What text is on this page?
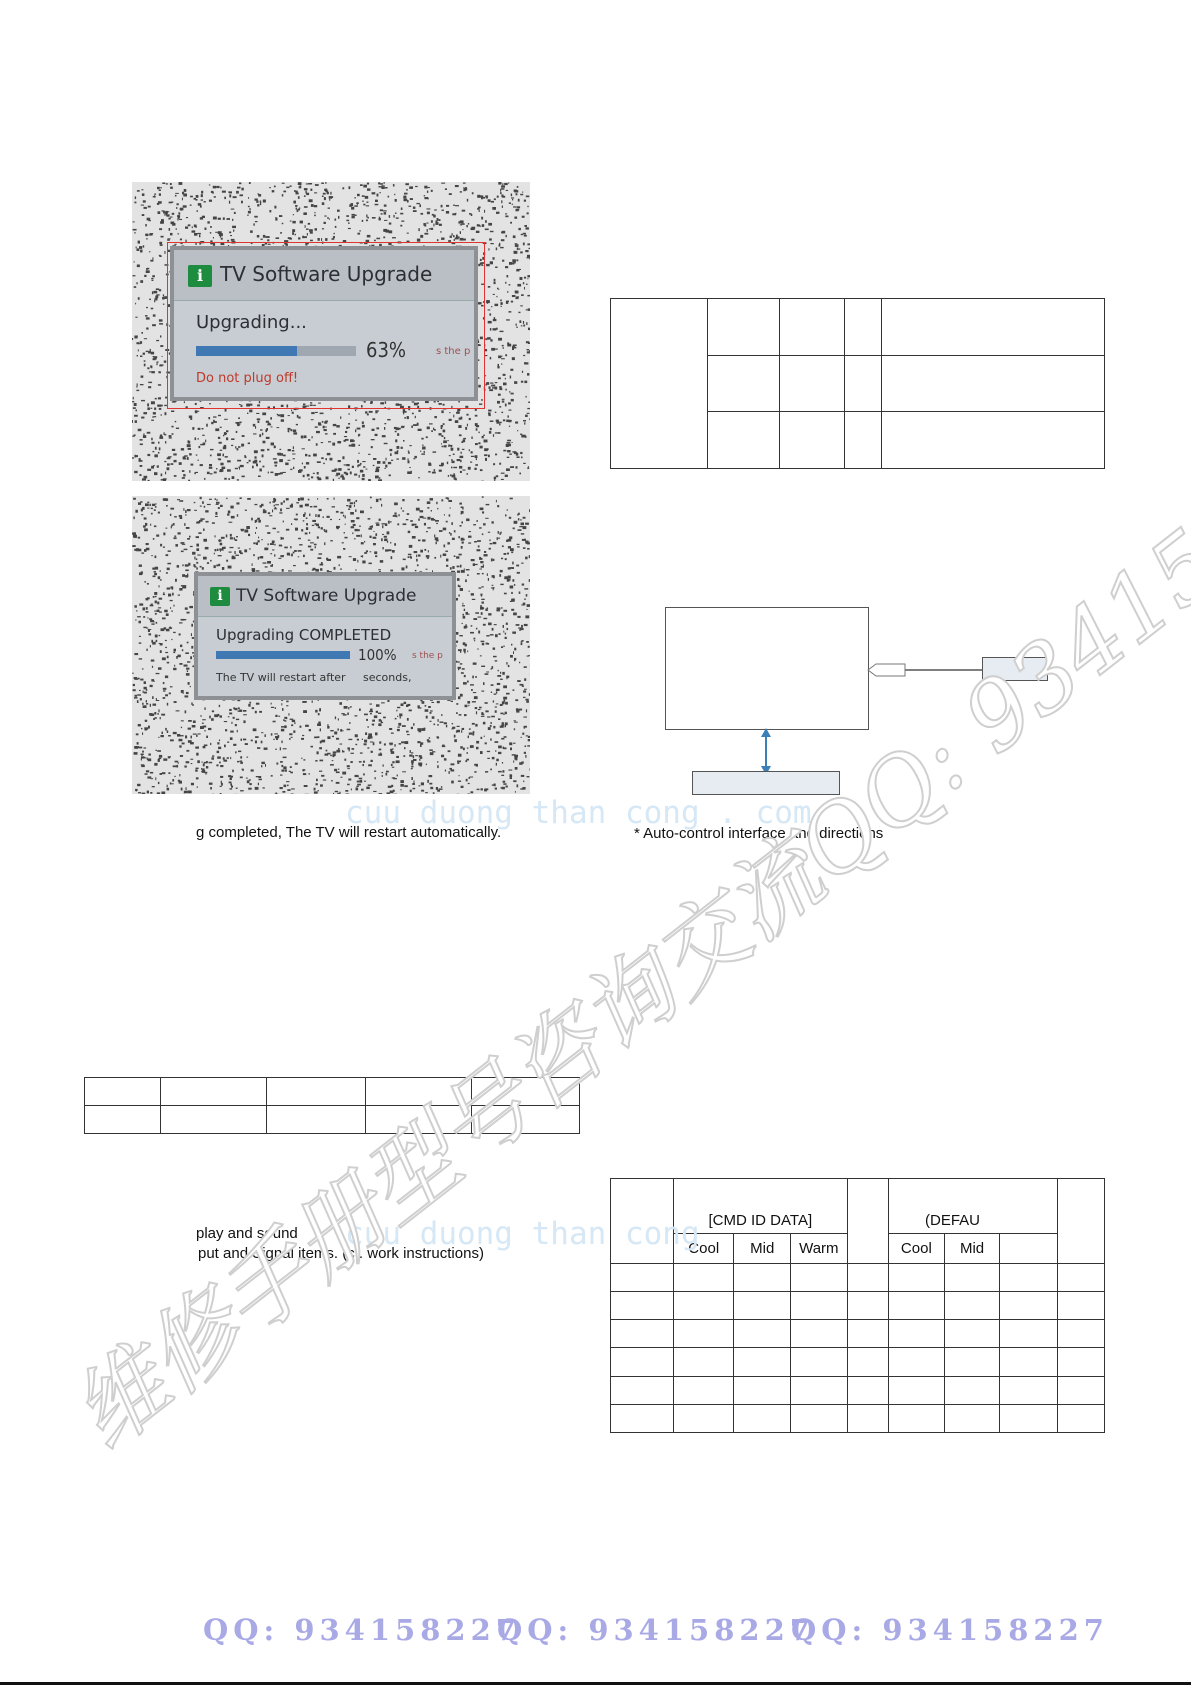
i TV Software Upgrade
Upgrading...
63%	s the p
Do not plug off!
i TV Software Upgrade
Upgrading COMPLETED
100% s the p
The TV will restart after seconds,
g completed, The TV will restart automatically.	* Auto-control interface and directions
play and sound
put and Signal items. (cf. work instructions)

	[CMD ID DATA]				(DEFAU			
	Cool	Mid	Warm		Cool	Mid		

cuu duong than cong . com
cuu duong than cong
维修手册型号咨询交流QQ: 934158227
QQ: 934158227
QQ: 934158227
QQ: 934158227
